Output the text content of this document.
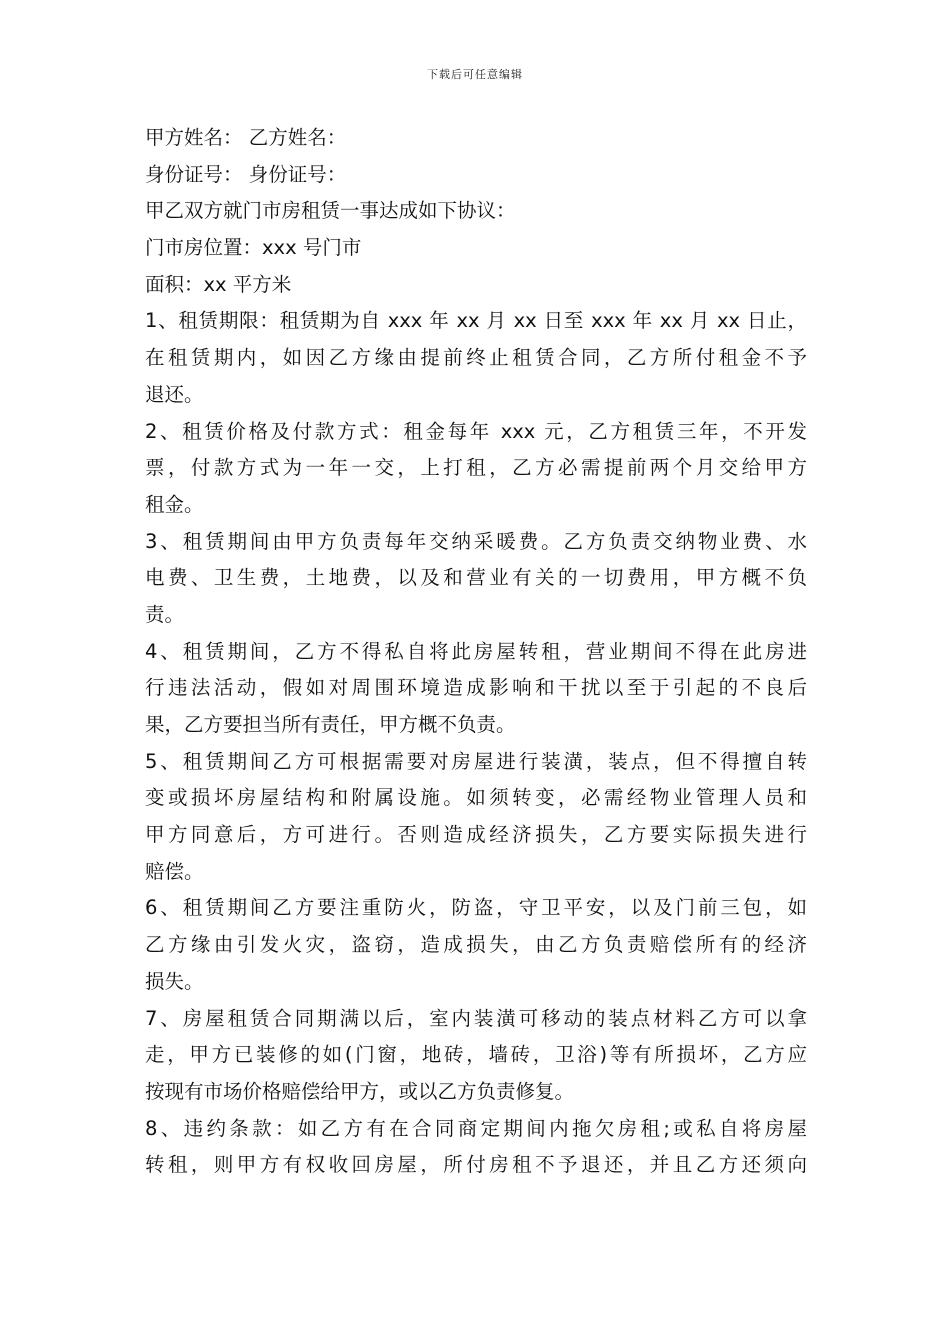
下载后可任意编辑
甲方姓名： 乙方姓名：
身份证号： 身份证号：
甲乙双方就门市房租赁一事达成如下协议：
门市房位置：xxx 号门市
面积：xx 平方米
1、租赁期限：租赁期为自 xxx 年 xx 月 xx 日至 xxx 年 xx 月 xx 日止，
在租赁期内，如因乙方缘由提前终止租赁合同，乙方所付租金不予
退还。
2、租赁价格及付款方式：租金每年 xxx 元，乙方租赁三年，不开发
票，付款方式为一年一交，上打租，乙方必需提前两个月交给甲方
租金。
3、租赁期间由甲方负责每年交纳采暖费。乙方负责交纳物业费、水
电费、卫生费，土地费，以及和营业有关的一切费用，甲方概不负
责。
4、租赁期间，乙方不得私自将此房屋转租，营业期间不得在此房进
行违法活动，假如对周围环境造成影响和干扰以至于引起的不良后
果，乙方要担当所有责任，甲方概不负责。
5、租赁期间乙方可根据需要对房屋进行装潢，装点，但不得擅自转
变或损坏房屋结构和附属设施。如须转变，必需经物业管理人员和
甲方同意后，方可进行。否则造成经济损失，乙方要实际损失进行
赔偿。
6、租赁期间乙方要注重防火，防盗，守卫平安，以及门前三包，如
乙方缘由引发火灾，盗窃，造成损失，由乙方负责赔偿所有的经济
损失。
7、房屋租赁合同期满以后，室内装潢可移动的装点材料乙方可以拿
走，甲方已装修的如(门窗，地砖，墙砖，卫浴)等有所损坏，乙方应
按现有市场价格赔偿给甲方，或以乙方负责修复。
8、违约条款：如乙方有在合同商定期间内拖欠房租;或私自将房屋
转租，则甲方有权收回房屋，所付房租不予退还，并且乙方还须向
